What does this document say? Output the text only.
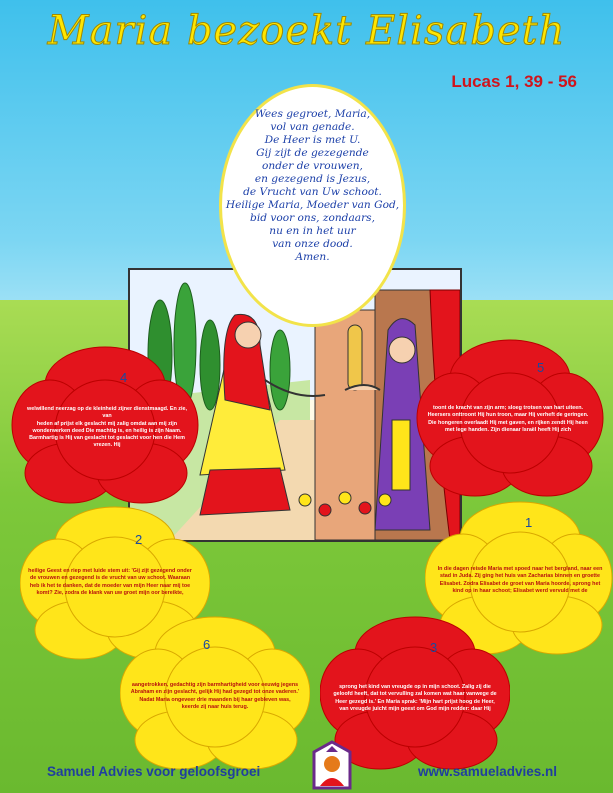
Maria bezoekt Elisabeth
Lucas 1, 39 - 56
Wees gegroet, Maria,
vol van genade.
De Heer is met U.
Gij zijt de gezegende
onder de vrouwen,
en gezegend is Jezus,
de Vrucht van Uw schoot.
Heilige Maria, Moeder van God,
bid voor ons, zondaars,
nu en in het uur
van onze dood.
Amen.
4
welwillend neerzag op de kleinheid zijner dienstmaagd. En zie, van
heden af prijst elk geslacht mij zalig omdat aan mij zijn
wonderwerken deed Die machtig is, en heilig is zijn Naam.
Barmhartig is Hij van geslacht tot geslacht voor hen die Hem
vrezen. Hij
5
toont de kracht van zijn arm; sloeg trotsen van hart uiteen.
Heersers onttroont Hij hun troon, maar Hij verheft de geringen.
Die hongeren overlaadt Hij met gaven, en rijken zendt Hij heen
met lege handen. Zijn dienaar Israël heeft Hij zich
2
heilige Geest en riep met luide stem uit: 'Gij zijt gezegend onder
de vrouwen en gezegend is de vrucht van uw schoot. Waaraan
heb ik het te danken, dat de moeder van mijn Heer naar mij toe
komt? Zie, zodra de klank van uw groet mijn oor bereikte,
1
In die dagen reisde Maria met spoed naar het bergland, naar een
stad in Juda. Zij ging het huis van Zacharias binnen en groette
Elisabet. Zodra Elisabet de groet van Maria hoorde, sprong het
kind op in haar schoot; Elisabet werd vervuld met de
6
aangetrokken, gedachtig zijn barmhartigheid voor eeuwig jegens
Abraham en zijn geslacht, gelijk Hij had gezegd tot onze vaderen.'
Nadat Maria ongeveer drie maanden bij haar gebleven was,
keerde zij naar huis terug.
3
sprong het kind van vreugde op in mijn schoot. Zalig zij die
geloofd heeft, dat tot vervulling zal komen wat haar vanwege de
Heer gezegd is.' En Maria sprak: 'Mijn hart prijst hoog de Heer,
van vreugde juicht mijn geest om God mijn redder: daar Hij
Samuel Advies voor geloofsgroei	www.samueladvies.nl
